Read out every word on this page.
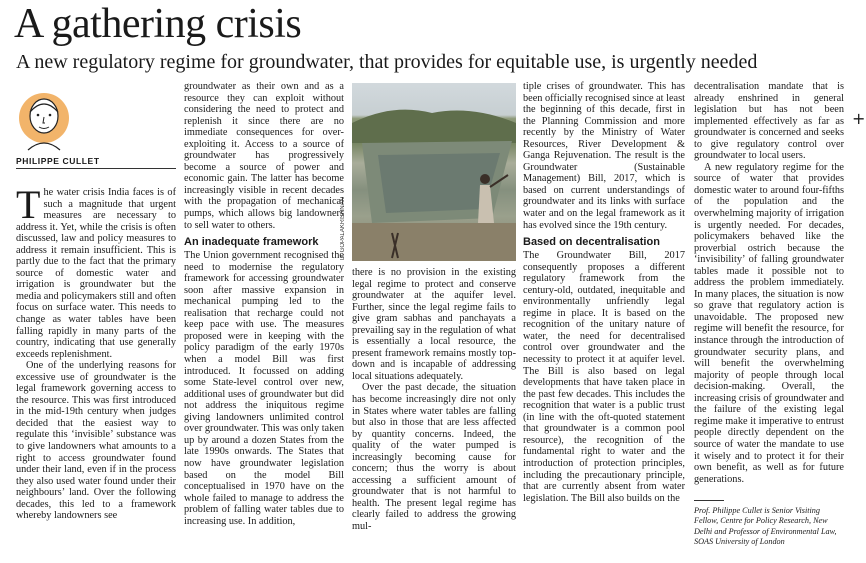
A gathering crisis
A new regulatory regime for groundwater, that provides for equitable use, is urgently needed
PHILIPPE CULLET

The water crisis India faces is of such a magnitude that urgent measures are necessary to address it. Yet, while the crisis is often discussed, law and policy measures to address it remain insufficient. This is partly due to the fact that the primary source of domestic water and irrigation is groundwater but the media and policymakers still and often focus on surface water. This needs to change as water tables have been falling rapidly in many parts of the country, indicating that use generally exceeds replenishment.

One of the underlying reasons for excessive use of groundwater is the legal framework governing access to the resource. This was first introduced in the mid-19th century when judges decided that the easiest way to regulate this ‘invisible’ substance was to give landowners what amounts to a right to access groundwater found under their land, even if in the process they also used water found under their neighbours’ land. Over the following decades, this led to a framework whereby landowners see

groundwater as their own and as a resource they can exploit without considering the need to protect and replenish it since there are no immediate consequences for over-exploiting it. Access to a source of groundwater has progressively become a source of power and economic gain. The latter has become increasingly visible in recent decades with the propagation of mechanical pumps, which allows big landowners to sell water to others.

An inadequate framework

The Union government recognised the need to modernise the regulatory framework for accessing groundwater soon after massive expansion in mechanical pumping led to the realisation that recharge could not keep pace with use. The measures proposed were in keeping with the policy paradigm of the early 1970s when a model Bill was first introduced. It focussed on adding some State-level control over new, additional uses of groundwater but did not address the iniquitous regime giving landowners unlimited control over groundwater. This was only taken up by around a dozen States from the late 1990s onwards. The States that now have groundwater legislation based on the model Bill conceptualised in 1970 have on the whole failed to manage to address the problem of falling water tables due to increasing use. In addition,

D. GOPALAKRISHNAN

there is no provision in the existing legal regime to protect and conserve groundwater at the aquifer level. Further, since the legal regime fails to give gram sabhas and panchayats a prevailing say in the regulation of what is essentially a local resource, the present framework remains mostly top-down and is incapable of addressing local situations adequately.

Over the past decade, the situation has become increasingly dire not only in States where water tables are falling but also in those that are less affected by quantity concerns. Indeed, the quality of the water pumped is increasingly becoming cause for concern; thus the worry is about accessing a sufficient amount of groundwater that is not harmful to health. The present legal regime has clearly failed to address the growing mul-

tiple crises of groundwater. This has been officially recognised since at least the beginning of this decade, first in the Planning Commission and more recently by the Ministry of Water Resources, River Development & Ganga Rejuvenation. The result is the Groundwater (Sustainable Management) Bill, 2017, which is based on current understandings of groundwater and its links with surface water and on the legal framework as it has evolved since the 19th century.

Based on decentralisation

The Groundwater Bill, 2017 consequently proposes a different regulatory framework from the century-old, outdated, inequitable and environmentally unfriendly legal regime in place. It is based on the recognition of the unitary nature of water, the need for decentralised control over groundwater and the necessity to protect it at aquifer level. The Bill is also based on legal developments that have taken place in the past few decades. This includes the recognition that water is a public trust (in line with the oft-quoted statement that groundwater is a common pool resource), the recognition of the fundamental right to water and the introduction of protection principles, including the precautionary principle, that are currently absent from water legislation. The Bill also builds on the

decentralisation mandate that is already enshrined in general legislation but has not been implemented effectively as far as groundwater is concerned and seeks to give regulatory control over groundwater to local users.

A new regulatory regime for the source of water that provides domestic water to around four-fifths of the population and the overwhelming majority of irrigation is urgently needed. For decades, policymakers behaved like the proverbial ostrich because the ‘invisibility’ of falling groundwater tables made it possible not to address the problem immediately. In many places, the situation is now so grave that regulatory action is unavoidable. The proposed new regime will benefit the resource, for instance through the introduction of groundwater security plans, and will benefit the overwhelming majority of people through local decision-making. Overall, the increasing crisis of groundwater and the failure of the existing legal regime make it imperative to entrust people directly dependent on the source of water the mandate to use it wisely and to protect it for their own benefit, as well as for future generations.

Prof. Philippe Cullet is Senior Visiting Fellow, Centre for Policy Research, New Delhi and Professor of Environmental Law, SOAS University of London
+
